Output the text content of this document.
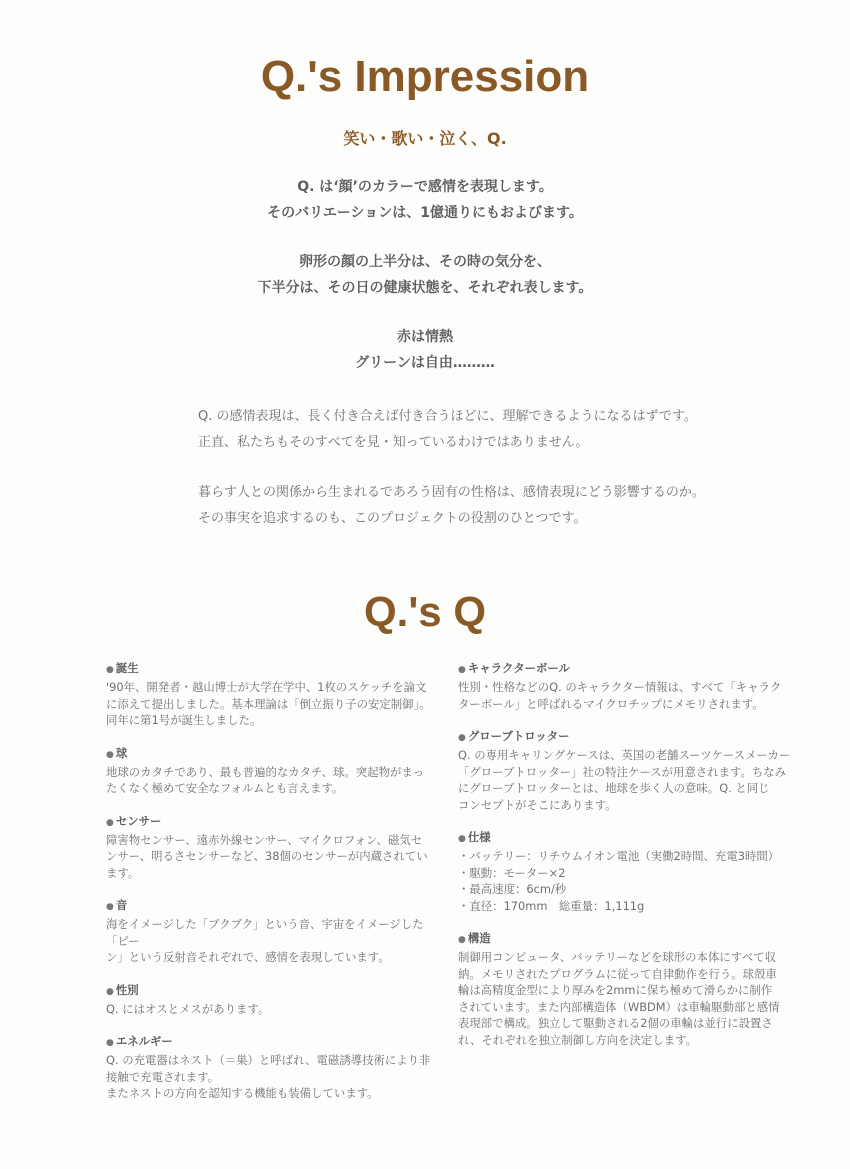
Q.'s Impression
笑い・歌い・泣く、Q.
Q. は‘顔’のカラーで感情を表現します。
そのバリエーションは、1億通りにもおよびます。
卵形の顔の上半分は、その時の気分を、
下半分は、その日の健康状態を、それぞれ表します。
赤は情熱
グリーンは自由………
Q. の感情表現は、長く付き合えば付き合うほどに、理解できるようになるはずです。
正直、私たちもそのすべてを見・知っているわけではありません。
暮らす人との関係から生まれるであろう固有の性格は、感情表現にどう影響するのか。
その事実を追求するのも、このプロジェクトの役割のひとつです。
Q.'s Q
● 誕生

'90年、開発者・越山博士が大学在学中、1枚のスケッチを論文

に添えて提出しました。基本理論は「倒立振り子の安定制御」。

同年に第1号が誕生しました。

● 球

地球のカタチであり、最も普遍的なカタチ、球。突起物がまっ

たくなく極めて安全なフォルムとも言えます。

● センサー

障害物センサー、遠赤外線センサー、マイクロフォン、磁気セ

ンサー、明るさセンサーなど、38個のセンサーが内蔵されてい

ます。

● 音

海をイメージした「ブクブク」という音、宇宙をイメージした「ピー

ン」という反射音それぞれで、感情を表現しています。

● 性別

Q. にはオスとメスがあります。

● エネルギー

Q. の充電器はネスト（＝巣）と呼ばれ、電磁誘導技術により非

接触で充電されます。

またネストの方向を認知する機能も装備しています。

● キャラクターボール

性別・性格などのQ. のキャラクター情報は、すべて「キャラク

ターボール」と呼ばれるマイクロチップにメモリされます。

● グローブトロッター

Q. の専用キャリングケースは、英国の老舗スーツケースメーカー

「グローブトロッター」社の特注ケースが用意されます。ちなみ

にグローブトロッターとは、地球を歩く人の意味。Q. と同じ

コンセプトがそこにあります。

● 仕様

・バッテリー：リチウムイオン電池（実働2時間、充電3時間）

・駆動：モーター×2

・最高速度：6cm/秒

・直径：170mm　総重量：1,111g

● 構造

制御用コンピュータ、バッテリーなどを球形の本体にすべて収

納。メモリされたプログラムに従って自律動作を行う。球殻車

輪は高精度金型により厚みを2mmに保ち極めて滑らかに制作

されています。また内部構造体（WBDM）は車輪駆動部と感情

表現部で構成。独立して駆動される2個の車輪は並行に設置さ

れ、それぞれを独立制御し方向を決定します。
